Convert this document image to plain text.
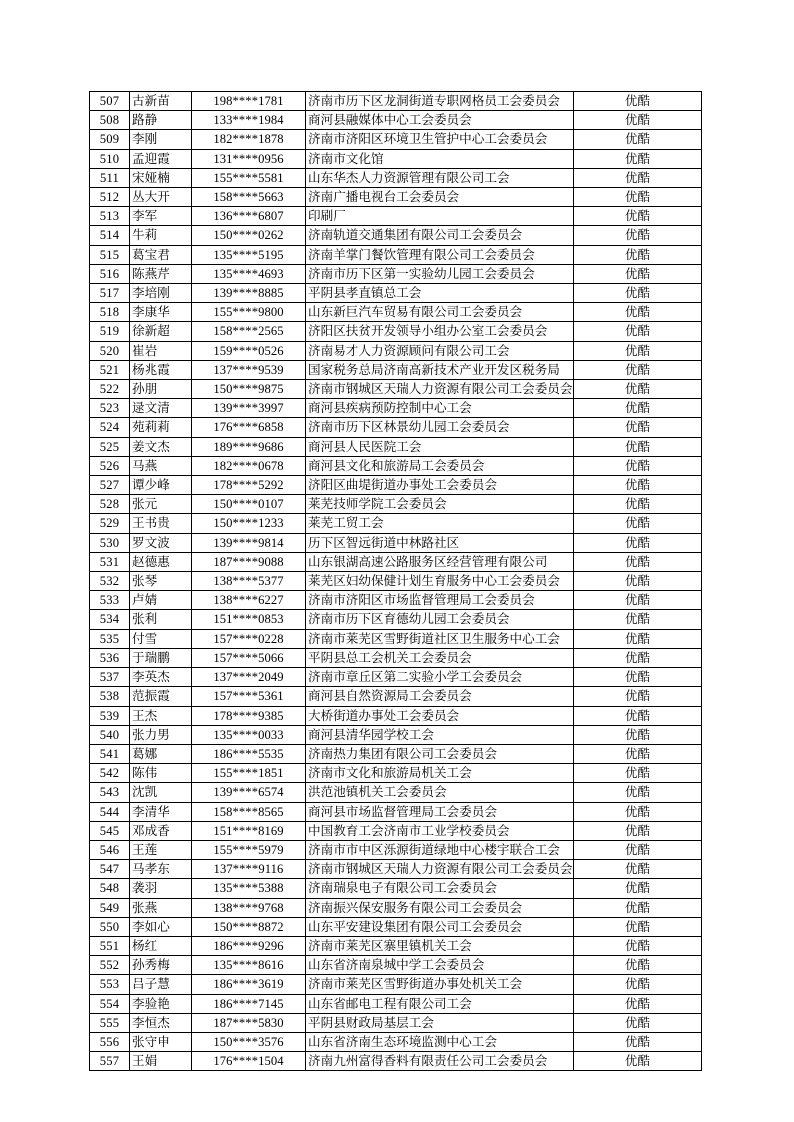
507	古新苗	198****1781	济南市历下区龙洞街道专职网格员工会委员会	优酷
508	路静	133****1984	商河县融媒体中心工会委员会	优酷
509	李刚	182****1878	济南市济阳区环境卫生管护中心工会委员会	优酷
510	孟迎霞	131****0956	济南市文化馆	优酷
511	宋娅楠	155****5581	山东华杰人力资源管理有限公司工会	优酷
512	丛大开	158****5663	济南广播电视台工会委员会	优酷
513	李军	136****6807	印刷厂	优酷
514	牛莉	150****0262	济南轨道交通集团有限公司工会委员会	优酷
515	葛宝君	135****5195	济南羊掌门餐饮管理有限公司工会委员会	优酷
516	陈燕芹	135****4693	济南市历下区第一实验幼儿园工会委员会	优酷
517	李培刚	139****8885	平阴县孝直镇总工会	优酷
518	李康华	155****9800	山东新巨汽车贸易有限公司工会委员会	优酷
519	徐新超	158****2565	济阳区扶贫开发领导小组办公室工会委员会	优酷
520	崔岩	159****0526	济南易才人力资源顾问有限公司工会	优酷
521	杨兆霞	137****9539	国家税务总局济南高新技术产业开发区税务局	优酷
522	孙朋	150****9875	济南市钢城区天瑞人力资源有限公司工会委员会	优酷
523	逯文清	139****3997	商河县疾病预防控制中心工会	优酷
524	苑莉莉	176****6858	济南市历下区林景幼儿园工会委员会	优酷
525	姜文杰	189****9686	商河县人民医院工会	优酷
526	马燕	182****0678	商河县文化和旅游局工会委员会	优酷
527	谭少峰	178****5292	济阳区曲堤街道办事处工会委员会	优酷
528	张元	150****0107	莱芜技师学院工会委员会	优酷
529	王书贵	150****1233	莱芜工贸工会	优酷
530	罗文波	139****9814	历下区智远街道中林路社区	优酷
531	赵德惠	187****9088	山东银湖高速公路服务区经营管理有限公司	优酷
532	张琴	138****5377	莱芜区妇幼保健计划生育服务中心工会委员会	优酷
533	卢婧	138****6227	济南市济阳区市场监督管理局工会委员会	优酷
534	张利	151****0853	济南市历下区育德幼儿园工会委员会	优酷
535	付雪	157****0228	济南市莱芜区雪野街道社区卫生服务中心工会	优酷
536	于瑞鹏	157****5066	平阴县总工会机关工会委员会	优酷
537	李英杰	137****2049	济南市章丘区第二实验小学工会委员会	优酷
538	范振霞	157****5361	商河县自然资源局工会委员会	优酷
539	王杰	178****9385	大桥街道办事处工会委员会	优酷
540	张力男	135****0033	商河县清华园学校工会	优酷
541	葛娜	186****5535	济南热力集团有限公司工会委员会	优酷
542	陈伟	155****1851	济南市文化和旅游局机关工会	优酷
543	沈凯	139****6574	洪范池镇机关工会委员会	优酷
544	李清华	158****8565	商河县市场监督管理局工会委员会	优酷
545	邓成香	151****8169	中国教育工会济南市工业学校委员会	优酷
546	王莲	155****5979	济南市市中区泺源街道绿地中心楼宇联合工会	优酷
547	马孝东	137****9116	济南市钢城区天瑞人力资源有限公司工会委员会	优酷
548	袭羽	135****5388	济南瑞泉电子有限公司工会委员会	优酷
549	张燕	138****9768	济南振兴保安服务有限公司工会委员会	优酷
550	李如心	150****8872	山东平安建设集团有限公司工会委员会	优酷
551	杨红	186****9296	济南市莱芜区寨里镇机关工会	优酷
552	孙秀梅	135****8616	山东省济南泉城中学工会委员会	优酷
553	吕子慧	186****3619	济南市莱芜区雪野街道办事处机关工会	优酷
554	李验艳	186****7145	山东省邮电工程有限公司工会	优酷
555	李恒杰	187****5830	平阴县财政局基层工会	优酷
556	张守申	150****3576	山东省济南生态环境监测中心工会	优酷
557	王娟	176****1504	济南九州富得香料有限责任公司工会委员会	优酷
